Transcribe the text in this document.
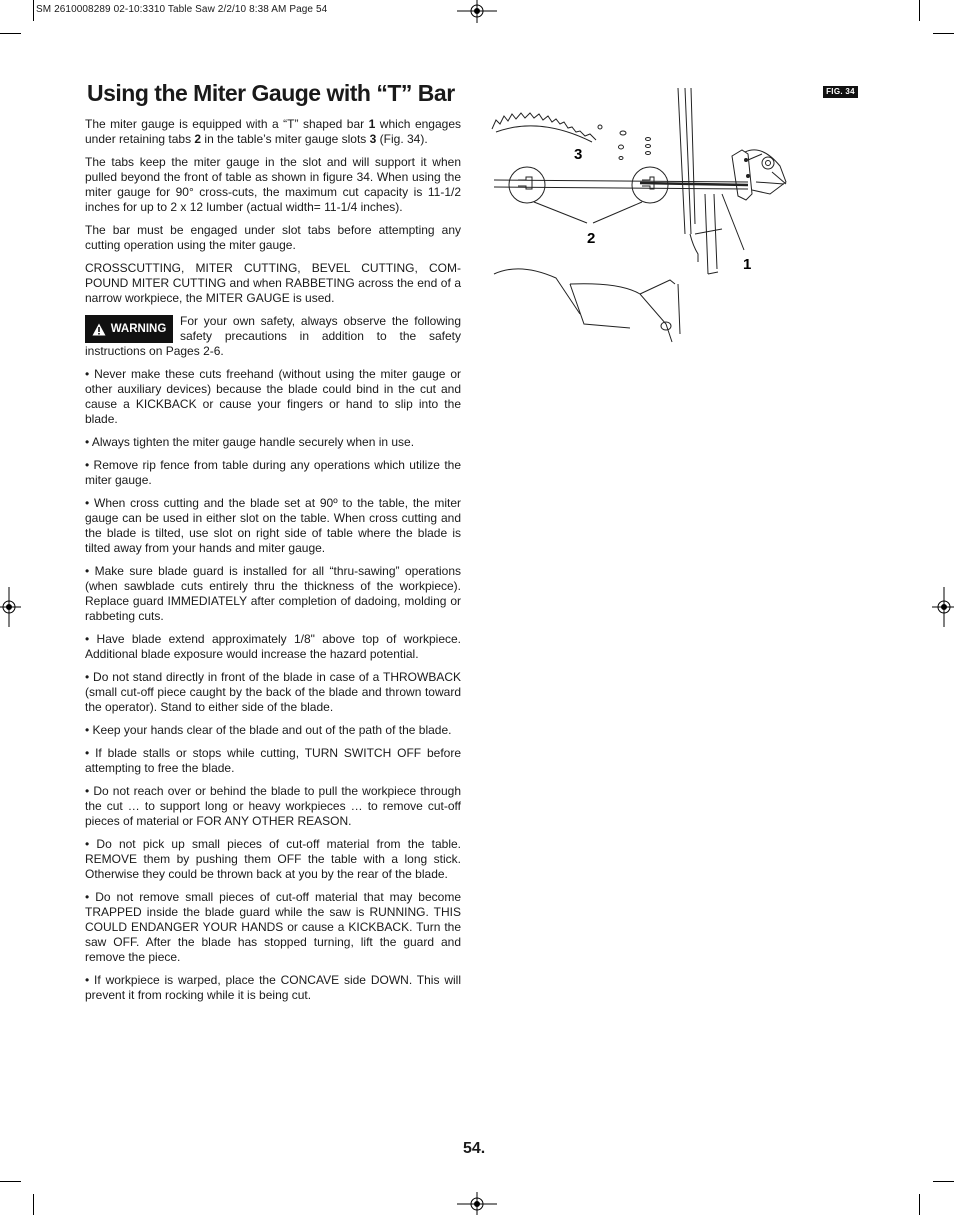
SM 2610008289 02-10:3310 Table Saw 2/2/10 8:38 AM Page 54
Using the Miter Gauge with “T” Bar

The miter gauge is equipped with a “T” shaped bar 1 which engages under retaining tabs 2 in the table’s miter gauge slots 3 (Fig. 34).

The tabs keep the miter gauge in the slot and will support it when pulled beyond the front of table as shown in figure 34. When using the miter gauge for 90° cross-cuts, the maximum cut capacity is 11-1/2 inches for up to 2 x 12 lumber (actual width= 11-1/4 inches).

The bar must be engaged under slot tabs before attempting any cutting operation using the miter gauge.

CROSSCUTTING, MITER CUTTING, BEVEL CUTTING, COM-POUND MITER CUTTING and when RABBETING across the end of a narrow workpiece, the MITER GAUGE is used.

WARNING
For your own safety, always observe the following safety precautions in addition to the safety instructions on Pages 2-6.

• Never make these cuts freehand (without using the miter gauge or other auxiliary devices) because the blade could bind in the cut and cause a KICKBACK or cause your fingers or hand to slip into the blade.

• Always tighten the miter gauge handle securely when in use.

• Remove rip fence from table during any operations which utilize the miter gauge.

• When cross cutting and the blade set at 90º to the table, the miter gauge can be used in either slot on the table. When cross cutting and the blade is tilted, use slot on right side of table where the blade is tilted away from your hands and miter gauge.

• Make sure blade guard is installed for all “thru-sawing” operations (when sawblade cuts entirely thru the thickness of the workpiece). Replace guard IMMEDIATELY after completion of dadoing, molding or rabbeting cuts.

• Have blade extend approximately 1/8" above top of workpiece. Additional blade exposure would increase the hazard potential.

• Do not stand directly in front of the blade in case of a THROWBACK (small cut-off piece caught by the back of the blade and thrown toward the operator). Stand to either side of the blade.

• Keep your hands clear of the blade and out of the path of the blade.

• If blade stalls or stops while cutting, TURN SWITCH OFF before attempting to free the blade.

• Do not reach over or behind the blade to pull the workpiece through the cut … to support long or heavy workpieces … to remove cut-off pieces of material or FOR ANY OTHER REASON.

• Do not pick up small pieces of cut-off material from the table. REMOVE them by pushing them OFF the table with a long stick. Otherwise they could be thrown back at you by the rear of the blade.

• Do not remove small pieces of cut-off material that may become TRAPPED inside the blade guard while the saw is RUNNING. THIS COULD ENDANGER YOUR HANDS or cause a KICKBACK. Turn the saw OFF. After the blade has stopped turning, lift the guard and remove the piece.

• If workpiece is warped, place the CONCAVE side DOWN. This will prevent it from rocking while it is being cut.

FIG. 34
3
2
1
54.
